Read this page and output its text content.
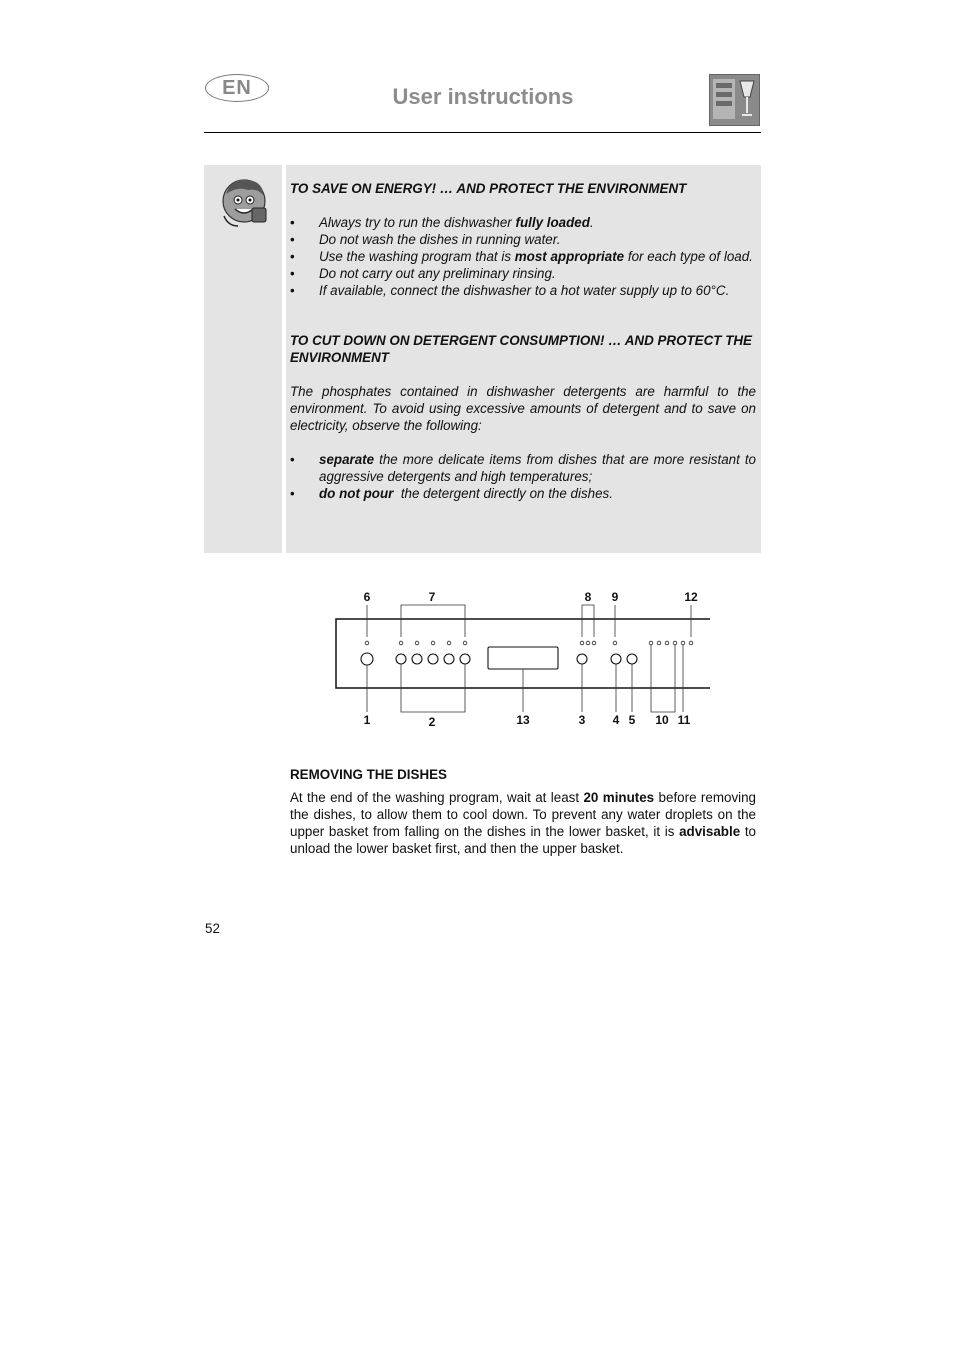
EN	User instructions
TO SAVE ON ENERGY! … AND PROTECT THE ENVIRONMENT
• Always try to run the dishwasher fully loaded.
• Do not wash the dishes in running water.
• Use the washing program that is most appropriate for each type of load.
• Do not carry out any preliminary rinsing.
• If available, connect the dishwasher to a hot water supply up to 60°C.
TO CUT DOWN ON DETERGENT CONSUMPTION! … AND PROTECT THE ENVIRONMENT

The phosphates contained in dishwasher detergents are harmful to the environment. To avoid using excessive amounts of detergent and to save on electricity, observe the following:

• separate the more delicate items from dishes that are more resistant to aggressive detergents and high temperatures;
• do not pour  the detergent directly on the dishes.
6	7	8 9	12
1	2	13	3 4 5 10 11
REMOVING THE DISHES

At the end of the washing program, wait at least 20 minutes before removing the dishes, to allow them to cool down. To prevent any water droplets on the upper basket from falling on the dishes in the lower basket, it is advisable to unload the lower basket first, and then the upper basket.

52
